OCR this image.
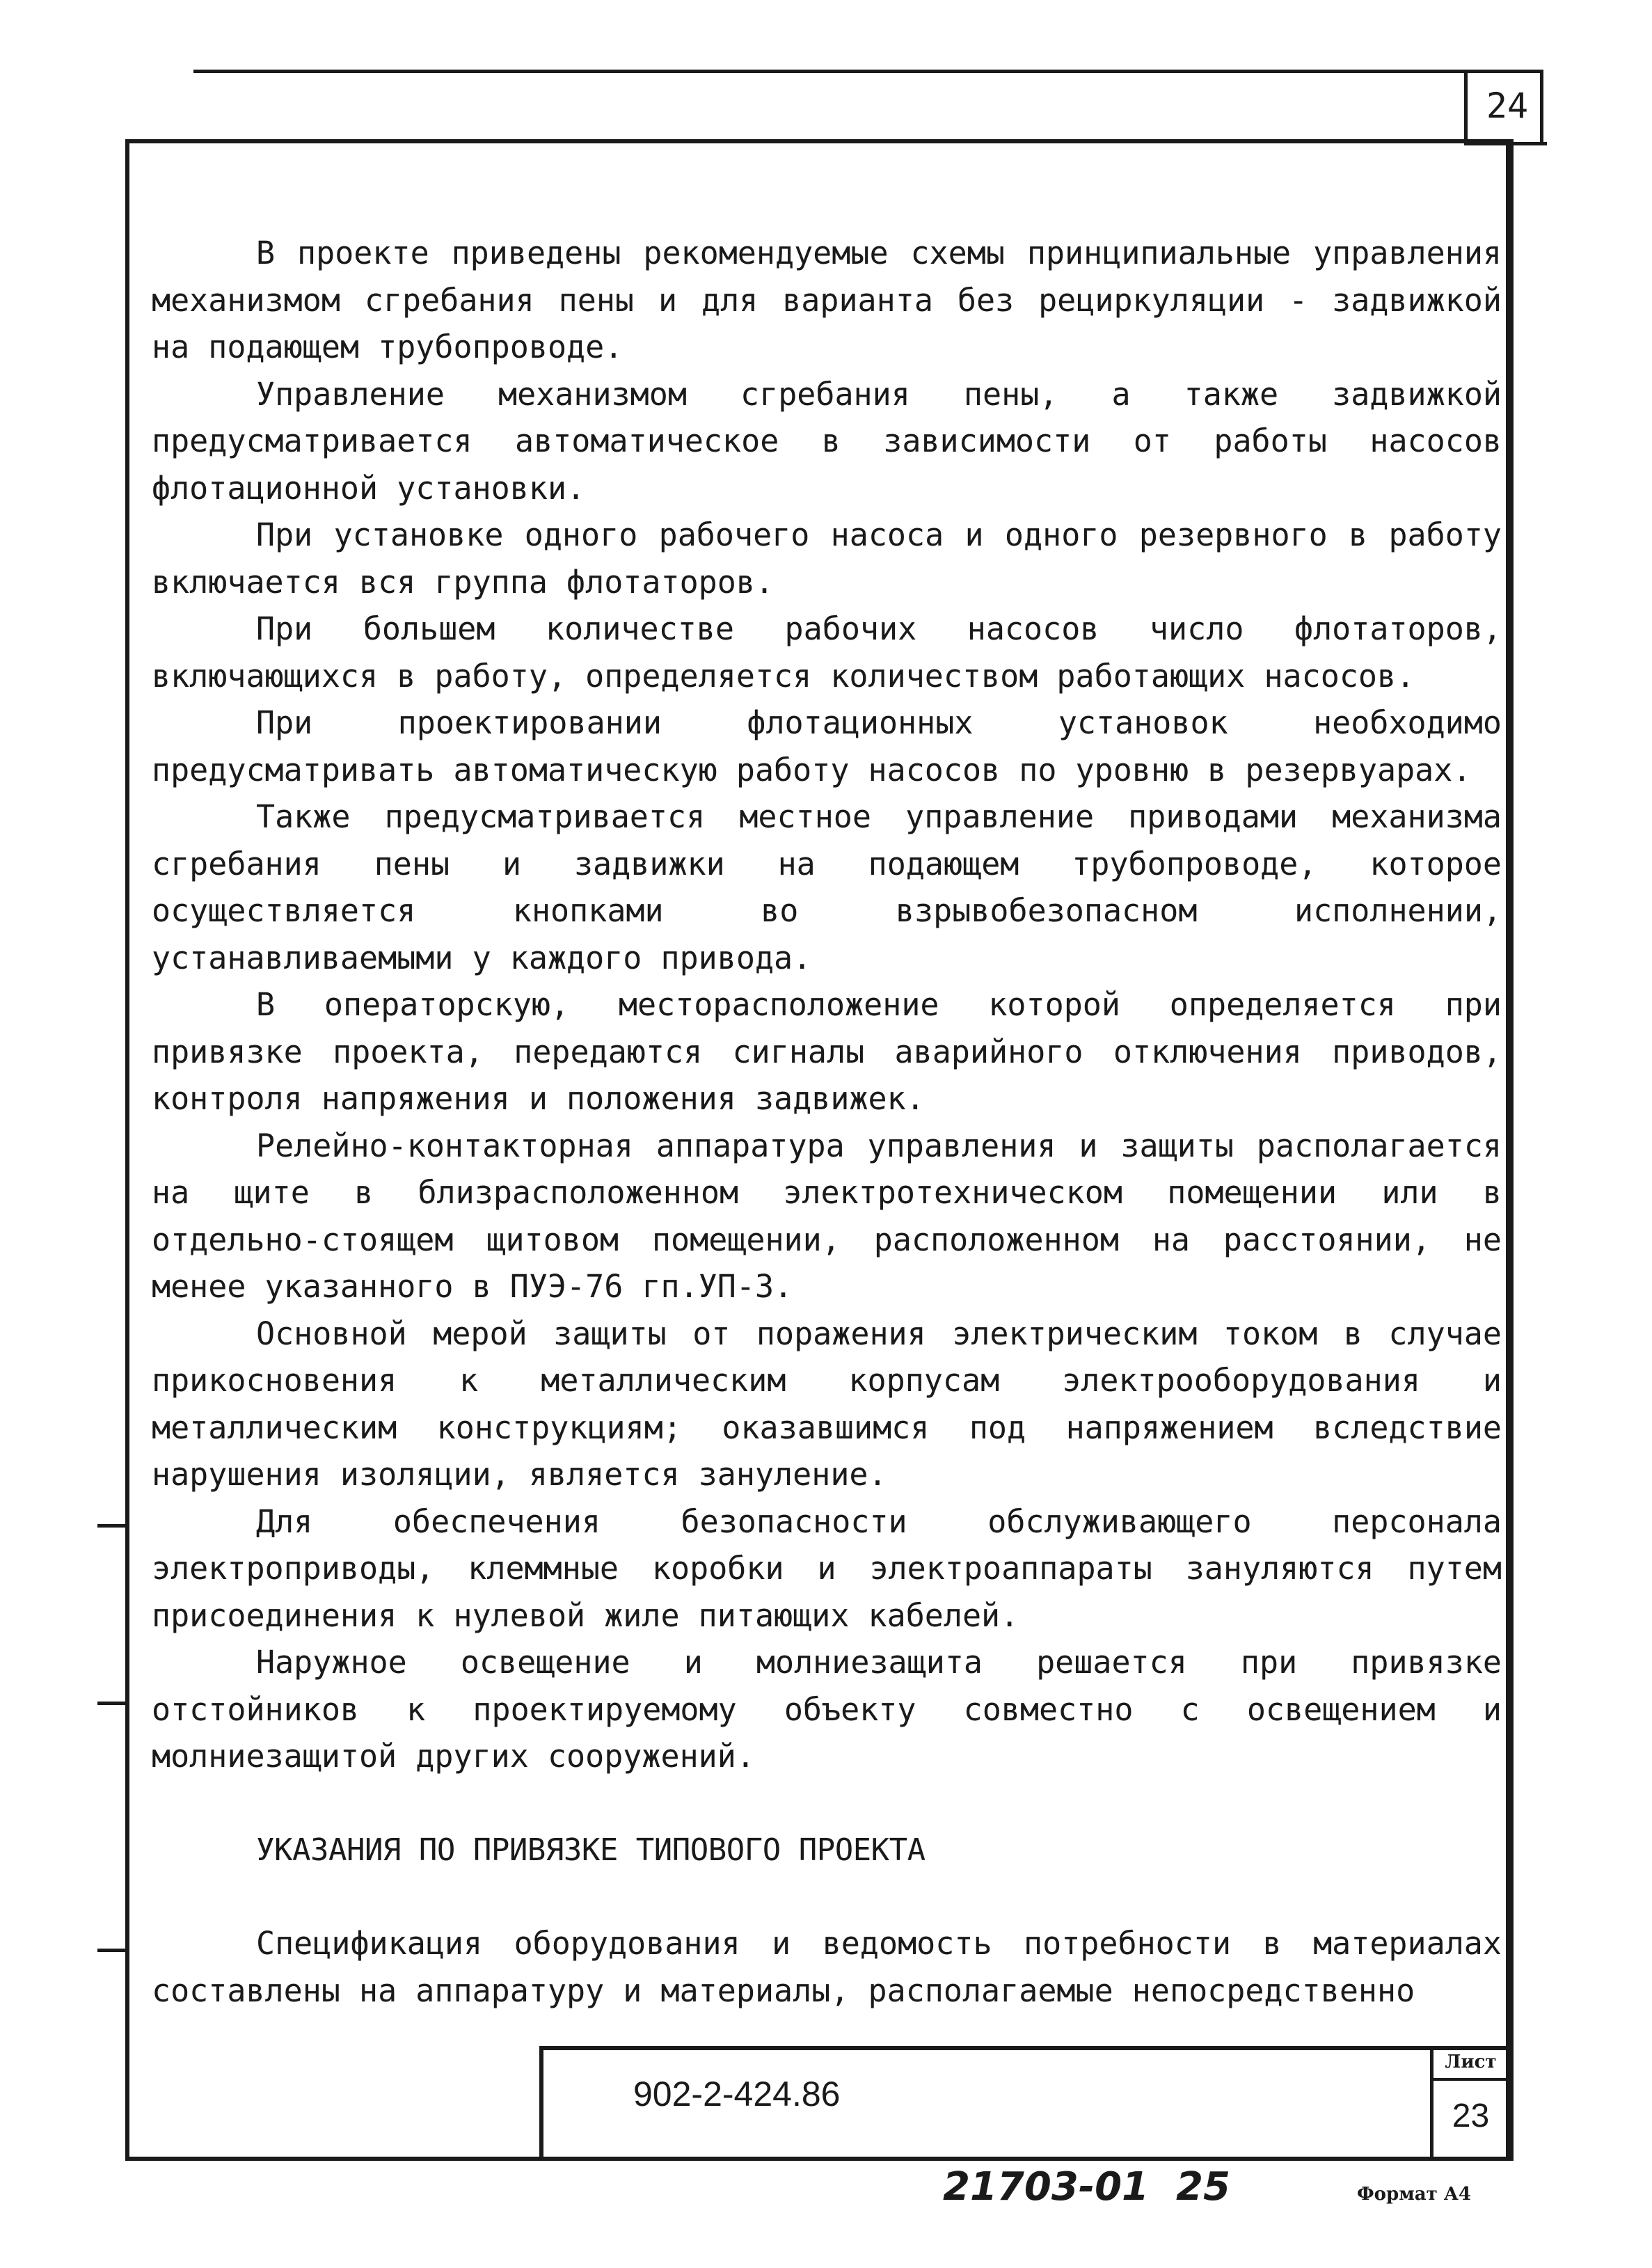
24

В проекте приведены рекомендуемые схемы принципиальные управления механизмом сгребания пены и для варианта без рециркуляции - задвижкой на подающем трубопроводе.

Управление механизмом сгребания пены, а также задвижкой предусматривается автоматическое в зависимости от работы насосов флотационной установки.

При установке одного рабочего насоса и одного резервного в работу включается вся группа флотаторов.

При большем количестве рабочих насосов число флотаторов, включающихся в работу, определяется количеством работающих насосов.

При проектировании флотационных установок необходимо предусматривать автоматическую работу насосов по уровню в резервуарах.

Также предусматривается местное управление приводами механизма сгребания пены и задвижки на подающем трубопроводе, которое осуществляется кнопками во взрывобезопасном исполнении, устанавливаемыми у каждого привода.

В операторскую, месторасположение которой определяется при привязке проекта, передаются сигналы аварийного отключения приводов, контроля напряжения и положения задвижек.

Релейно-контакторная аппаратура управления и защиты располагается на щите в близрасположенном электротехническом помещении или в отдельно-стоящем щитовом помещении, расположенном на расстоянии, не менее указанного в ПУЭ-76 гп.УП-3.

Основной мерой защиты от поражения электрическим током в случае прикосновения к металлическим корпусам электрооборудования и металлическим конструкциям; оказавшимся под напряжением вследствие нарушения изоляции, является зануление.

Для обеспечения безопасности обслуживающего персонала электроприводы, клеммные коробки и электроаппараты зануляются путем присоединения к нулевой жиле питающих кабелей.

Наружное освещение и молниезащита решается при привязке отстойников к проектируемому объекту совместно с освещением и молниезащитой других сооружений.

УКАЗАНИЯ ПО ПРИВЯЗКЕ ТИПОВОГО ПРОЕКТА

Спецификация оборудования и ведомость потребности в материалах составлены на аппаратуру и материалы, располагаемые непосредственно

902-2-424.86
Лист
23
21703-01 25	Формат А4
